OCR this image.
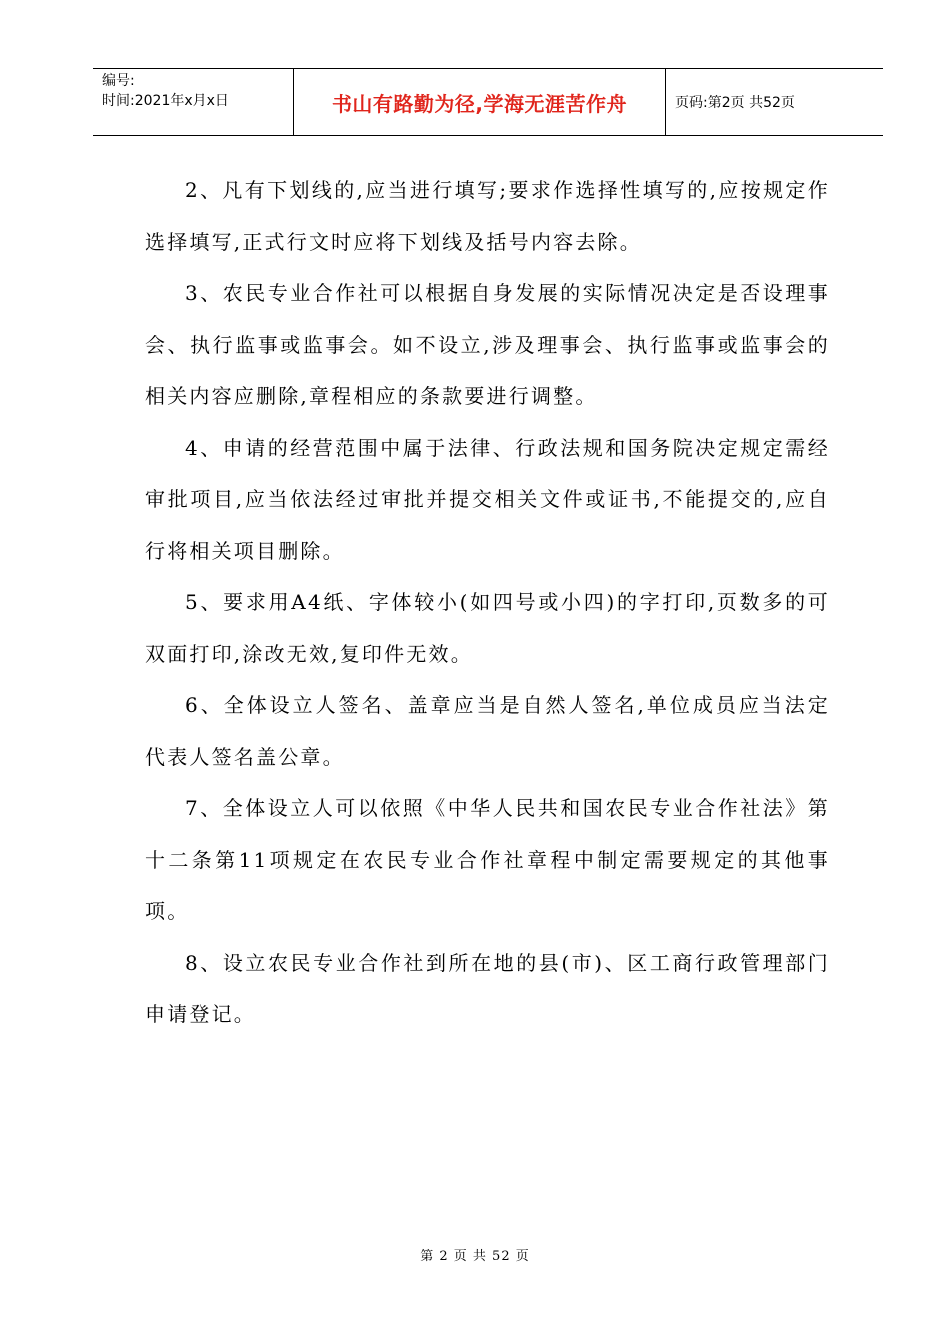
编号:
时间:2021年x月x日	书山有路勤为径,学海无涯苦作舟	页码:第2页 共52页

2、凡有下划线的,应当进行填写;要求作选择性填写的,应按规定作选择填写,正式行文时应将下划线及括号内容去除。

3、农民专业合作社可以根据自身发展的实际情况决定是否设理事会、执行监事或监事会。如不设立,涉及理事会、执行监事或监事会的相关内容应删除,章程相应的条款要进行调整。

4、申请的经营范围中属于法律、行政法规和国务院决定规定需经审批项目,应当依法经过审批并提交相关文件或证书,不能提交的,应自行将相关项目删除。

5、要求用A4纸、字体较小(如四号或小四)的字打印,页数多的可双面打印,涂改无效,复印件无效。

6、全体设立人签名、盖章应当是自然人签名,单位成员应当法定代表人签名盖公章。

7、全体设立人可以依照《中华人民共和国农民专业合作社法》第十二条第11项规定在农民专业合作社章程中制定需要规定的其他事项。

8、设立农民专业合作社到所在地的县(市)、区工商行政管理部门申请登记。

第 2 页 共 52 页
